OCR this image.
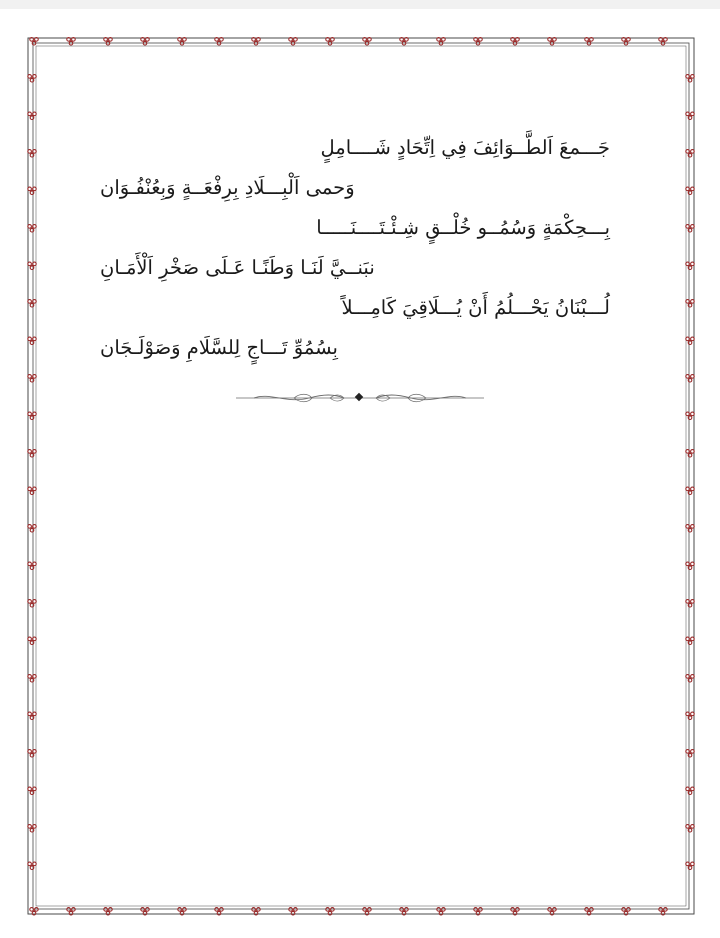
جَـــمعَ اَلطَّــوَائِفَ فِي اِتِّحَادٍ شَــــامِلٍ
وَحمى اَلْبِـــلَادِ بِرِفْعَــةٍ وَبِعُنْفُـوَان
بِـــحِكْمَةٍ وَسُمُــو خُلْــقٍ شِـئْـتَــــنَـــــا
نبَنــيَّ لَنَـا وَطَنًـا عَـلَى صَخْرِ اَلْأَمَـانِ
لُـــبْنَانُ يَحْـــلُمُ أَنْ يُـــلَاقِيَ كَامِـــلاً
بِسُمُوِّ تَـــاجٍ لِلسَّلَامِ وَصَوْلَـجَان
